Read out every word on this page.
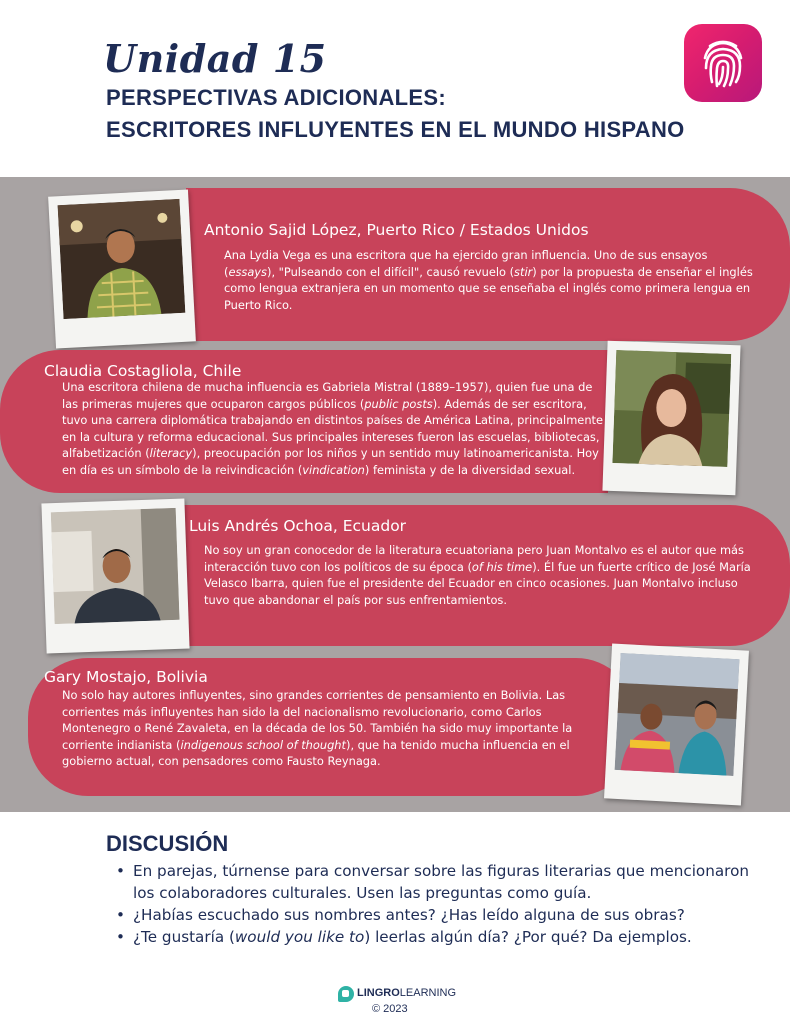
Unidad 15
PERSPECTIVAS ADICIONALES:
ESCRITORES INFLUYENTES EN EL MUNDO HISPANO
Antonio Sajid López, Puerto Rico / Estados Unidos
Ana Lydia Vega es una escritora que ha ejercido gran influencia. Uno de sus ensayos (essays), "Pulseando con el difícil", causó revuelo (stir) por la propuesta de enseñar el inglés como lengua extranjera en un momento que se enseñaba el inglés como primera lengua en Puerto Rico.
Claudia Costagliola, Chile
Una escritora chilena de mucha influencia es Gabriela Mistral (1889–1957), quien fue una de las primeras mujeres que ocuparon cargos públicos (public posts). Además de ser escritora, tuvo una carrera diplomática trabajando en distintos países de América Latina, principalmente en la cultura y reforma educacional. Sus principales intereses fueron las escuelas, bibliotecas, alfabetización (literacy), preocupación por los niños y un sentido muy latinoamericanista. Hoy en día es un símbolo de la reivindicación (vindication) feminista y de la diversidad sexual.
Luis Andrés Ochoa, Ecuador
No soy un gran conocedor de la literatura ecuatoriana pero Juan Montalvo es el autor que más interacción tuvo con los políticos de su época (of his time). Él fue un fuerte crítico de José María Velasco Ibarra, quien fue el presidente del Ecuador en cinco ocasiones. Juan Montalvo incluso tuvo que abandonar el país por sus enfrentamientos.
Gary Mostajo, Bolivia
No solo hay autores influyentes, sino grandes corrientes de pensamiento en Bolivia. Las corrientes más influyentes han sido la del nacionalismo revolucionario, como Carlos Montenegro o René Zavaleta, en la década de los 50. También ha sido muy importante la corriente indianista (indigenous school of thought), que ha tenido mucha influencia en el gobierno actual, con pensadores como Fausto Reynaga.
DISCUSIÓN
• En parejas, túrnense para conversar sobre las figuras literarias que mencionaron los colaboradores culturales. Usen las preguntas como guía.
• ¿Habías escuchado sus nombres antes? ¿Has leído alguna de sus obras?
• ¿Te gustaría (would you like to) leerlas algún día? ¿Por qué? Da ejemplos.
LINGROLEARNING
© 2023
